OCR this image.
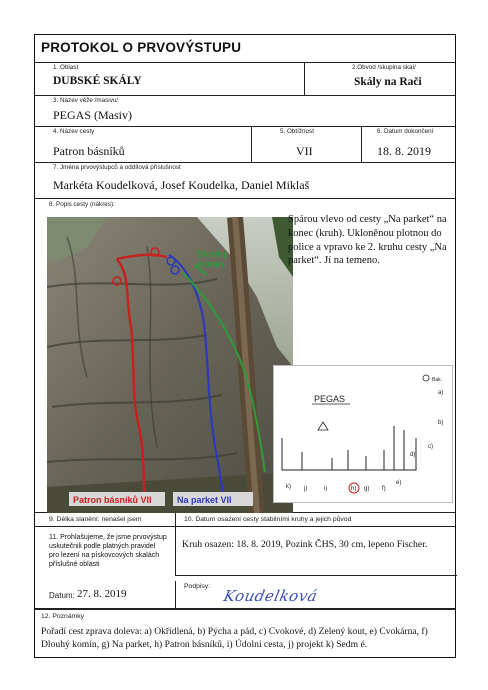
PROTOKOL O PRVOVÝSTUPU
1. Oblast
DUBSKÉ SKÁLY
2.Obvod /skupina skal/
Skály na Rači
3. Název věže /masivu/
PEGAS (Masiv)
4. Název cesty
Patron básníků
5. Obtížnost
VII
6. Datum dokončení
18. 8. 2019
7. Jména prvovýstupců a oddílová příslušnost
Markéta Koudelková, Josef Koudelka, Daniel Miklaš
8. Popis cesty (nákres):
Dlouhý komín
Patron básníků VII	Na parket VII
Spárou vlevo od cesty „Na parket“ na konec (kruh). Ukloněnou plotnou do police a vpravo ke 2. kruhu cesty „Na parket“. Jí na temeno.
PEGAS
Bak.
a)
b)
c)
d)
k) j)	i)	h) g) f)
e)
9. Délka slanění: nenašel jsem	10. Datum osazení cesty stabilními kruhy a jejich původ
11. Prohlašujeme, že jsme prvovýstup uskutečnili podle platných pravidel pro lezení na pískovcových skalách příslušné oblasti
Kruh osazen: 18. 8. 2019, Pozink ČHS, 30 cm, lepeno Fischer.
Datum: 27. 8. 2019
Podpisy:
Koudelková
12. Poznámky
Pořadí cest zprava doleva: a) Okřídlená, b) Pýcha a pád, c) Cvokové, d) Zelený kout, e) Cvokárna, f) Dlouhý komín, g) Na parket, h) Patron básníků, i) Údolní cesta, j) projekt k) Sedm é.
